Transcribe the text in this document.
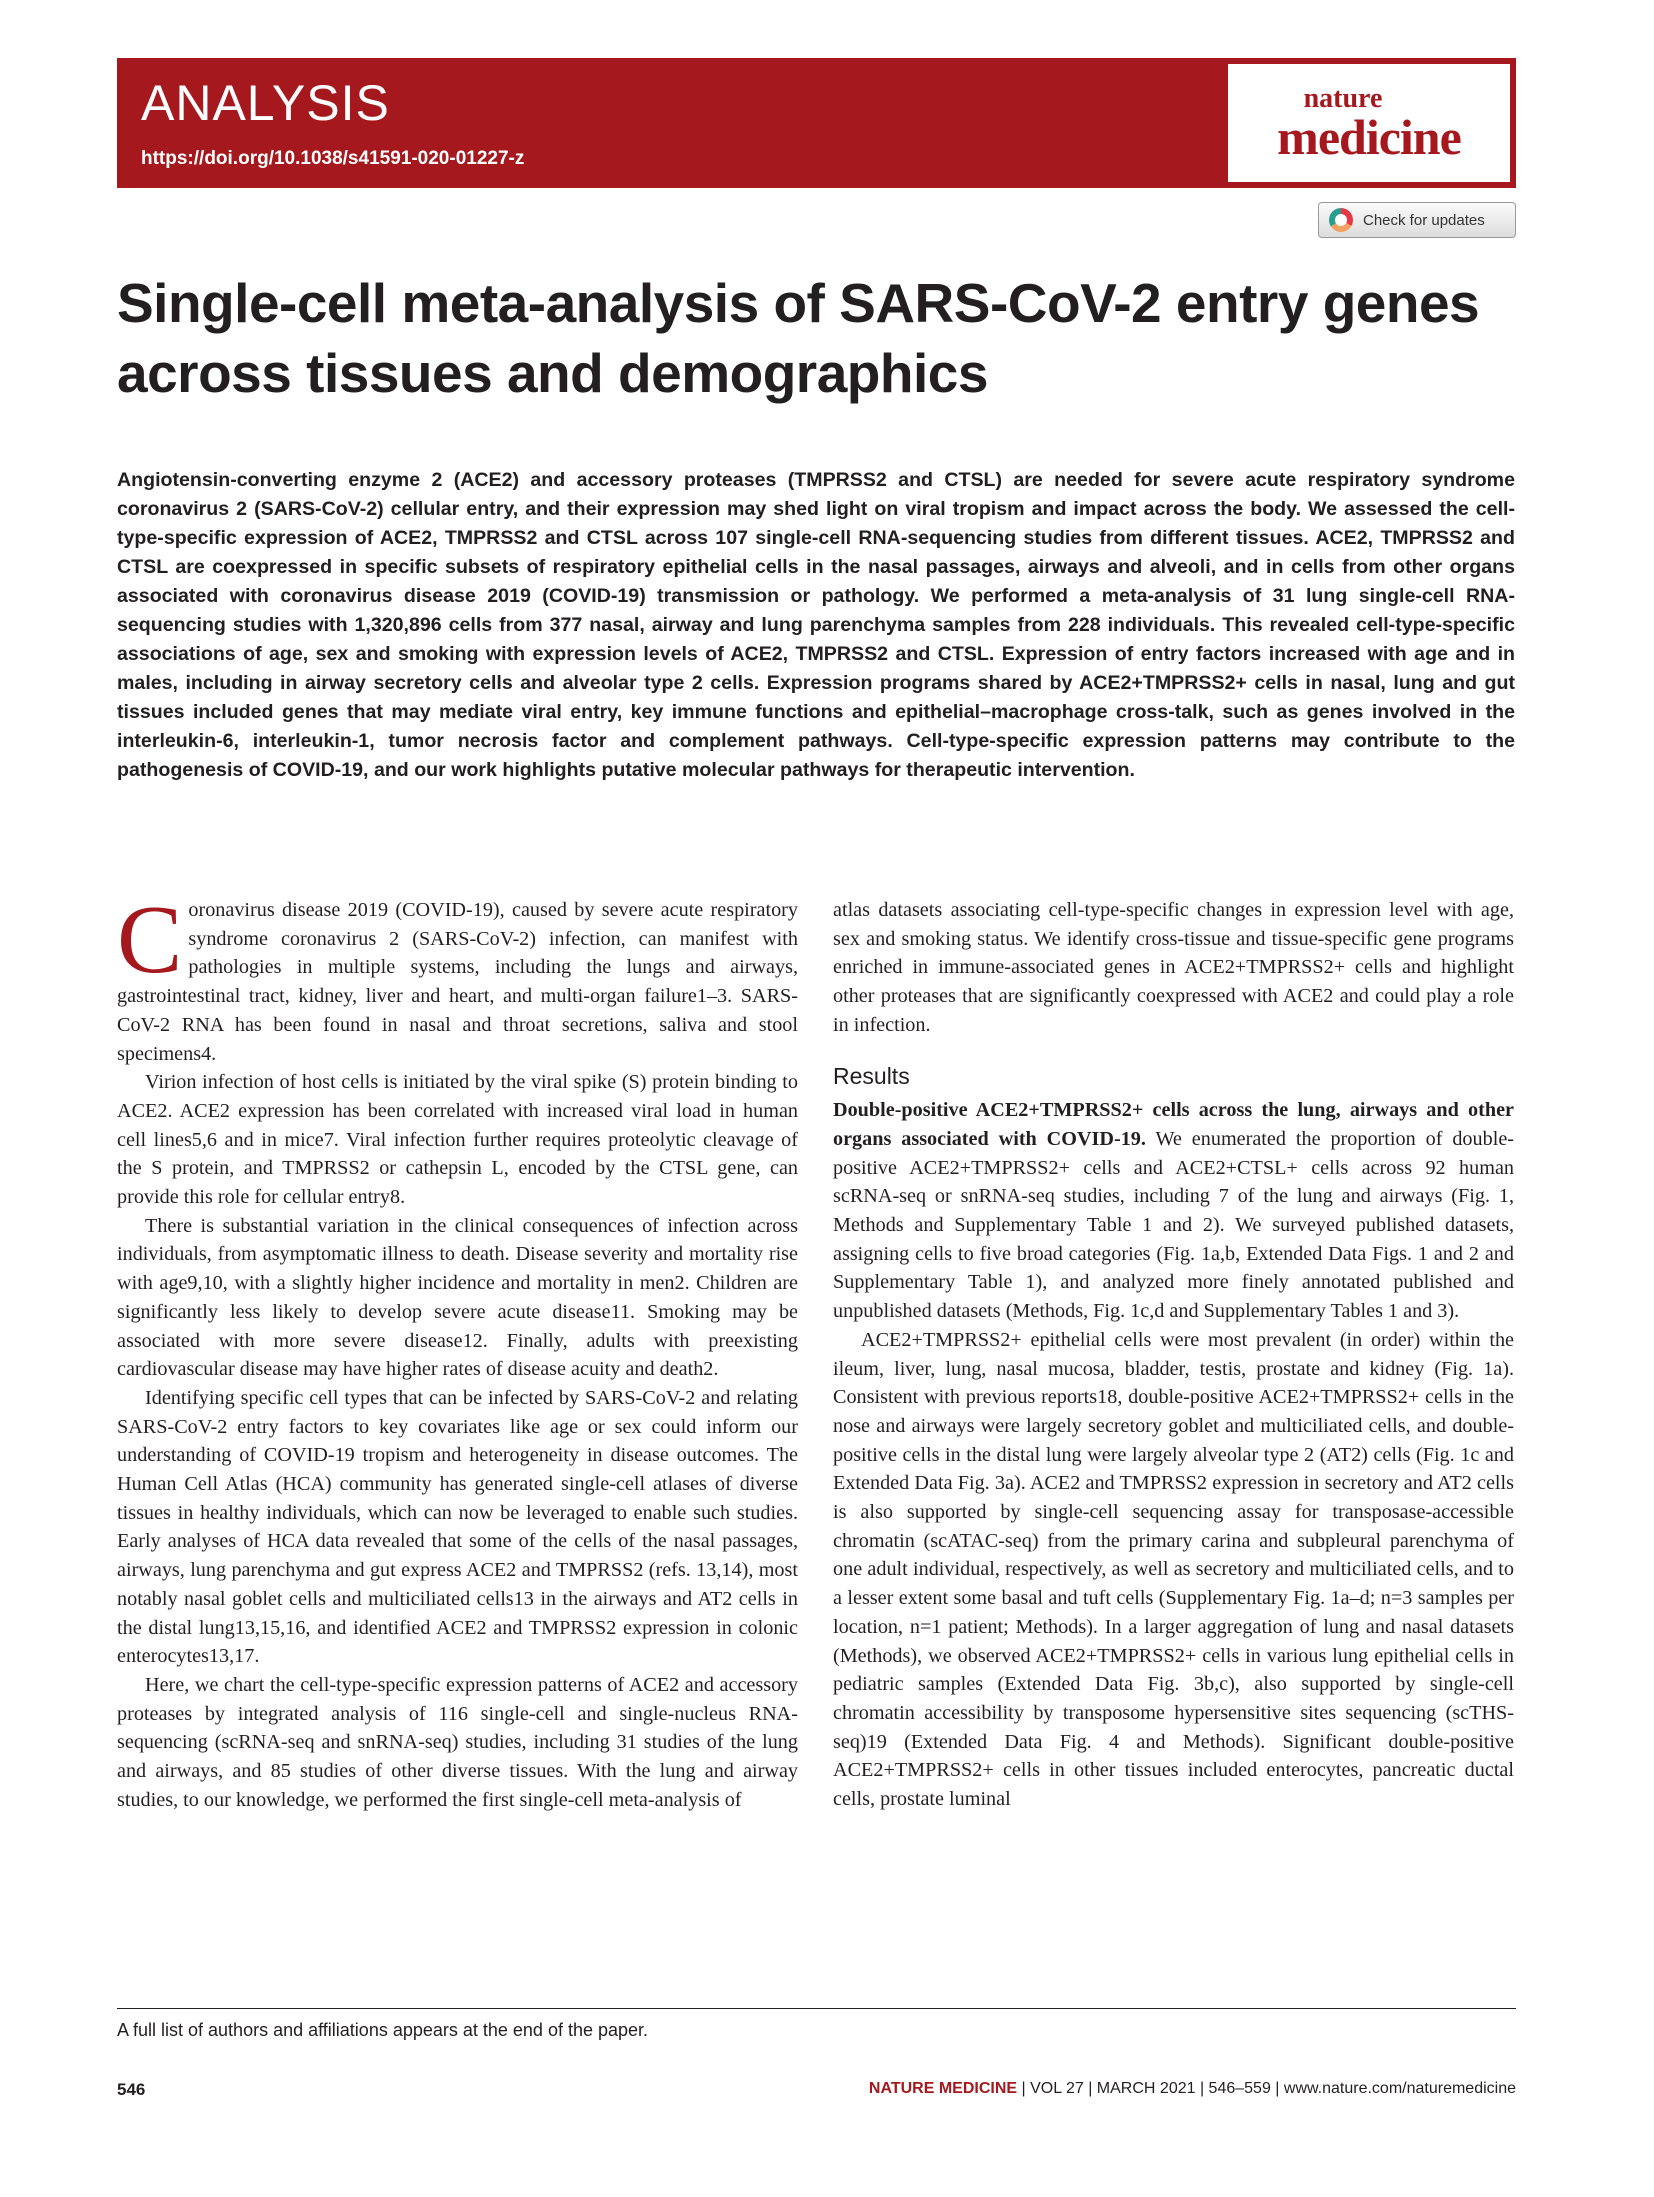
ANALYSIS
https://doi.org/10.1038/s41591-020-01227-z
nature
medicine
Check for updates
Single-cell meta-analysis of SARS-CoV-2 entry genes across tissues and demographics

Angiotensin-converting enzyme 2 (ACE2) and accessory proteases (TMPRSS2 and CTSL) are needed for severe acute respiratory syndrome coronavirus 2 (SARS-CoV-2) cellular entry, and their expression may shed light on viral tropism and impact across the body. We assessed the cell-type-specific expression of ACE2, TMPRSS2 and CTSL across 107 single-cell RNA-sequencing studies from different tissues. ACE2, TMPRSS2 and CTSL are coexpressed in specific subsets of respiratory epithelial cells in the nasal passages, airways and alveoli, and in cells from other organs associated with coronavirus disease 2019 (COVID-19) transmission or pathology. We performed a meta-analysis of 31 lung single-cell RNA-sequencing studies with 1,320,896 cells from 377 nasal, airway and lung parenchyma samples from 228 individuals. This revealed cell-type-specific associations of age, sex and smoking with expression levels of ACE2, TMPRSS2 and CTSL. Expression of entry factors increased with age and in males, including in airway secretory cells and alveolar type 2 cells. Expression programs shared by ACE2+TMPRSS2+ cells in nasal, lung and gut tissues included genes that may mediate viral entry, key immune functions and epithelial–macrophage cross-talk, such as genes involved in the interleukin-6, interleukin-1, tumor necrosis factor and complement pathways. Cell-type-specific expression patterns may contribute to the pathogenesis of COVID-19, and our work highlights putative molecular pathways for therapeutic intervention.

Coronavirus disease 2019 (COVID-19), caused by severe acute respiratory syndrome coronavirus 2 (SARS-CoV-2) infection, can manifest with pathologies in multiple systems, including the lungs and airways, gastrointestinal tract, kidney, liver and heart, and multi-organ failure1–3. SARS-CoV-2 RNA has been found in nasal and throat secretions, saliva and stool specimens4.

Virion infection of host cells is initiated by the viral spike (S) protein binding to ACE2. ACE2 expression has been correlated with increased viral load in human cell lines5,6 and in mice7. Viral infection further requires proteolytic cleavage of the S protein, and TMPRSS2 or cathepsin L, encoded by the CTSL gene, can provide this role for cellular entry8.

There is substantial variation in the clinical consequences of infection across individuals, from asymptomatic illness to death. Disease severity and mortality rise with age9,10, with a slightly higher incidence and mortality in men2. Children are significantly less likely to develop severe acute disease11. Smoking may be associated with more severe disease12. Finally, adults with preexisting cardiovascular disease may have higher rates of disease acuity and death2.

Identifying specific cell types that can be infected by SARS-CoV-2 and relating SARS-CoV-2 entry factors to key covariates like age or sex could inform our understanding of COVID-19 tropism and heterogeneity in disease outcomes. The Human Cell Atlas (HCA) community has generated single-cell atlases of diverse tissues in healthy individuals, which can now be leveraged to enable such studies. Early analyses of HCA data revealed that some of the cells of the nasal passages, airways, lung parenchyma and gut express ACE2 and TMPRSS2 (refs. 13,14), most notably nasal goblet cells and multiciliated cells13 in the airways and AT2 cells in the distal lung13,15,16, and identified ACE2 and TMPRSS2 expression in colonic enterocytes13,17.

Here, we chart the cell-type-specific expression patterns of ACE2 and accessory proteases by integrated analysis of 116 single-cell and single-nucleus RNA-sequencing (scRNA-seq and snRNA-seq) studies, including 31 studies of the lung and airways, and 85 studies of other diverse tissues. With the lung and airway studies, to our knowledge, we performed the first single-cell meta-analysis of

atlas datasets associating cell-type-specific changes in expression level with age, sex and smoking status. We identify cross-tissue and tissue-specific gene programs enriched in immune-associated genes in ACE2+TMPRSS2+ cells and highlight other proteases that are significantly coexpressed with ACE2 and could play a role in infection.

Results

Double-positive ACE2+TMPRSS2+ cells across the lung, airways and other organs associated with COVID-19. We enumerated the proportion of double-positive ACE2+TMPRSS2+ cells and ACE2+CTSL+ cells across 92 human scRNA-seq or snRNA-seq studies, including 7 of the lung and airways (Fig. 1, Methods and Supplementary Table 1 and 2). We surveyed published datasets, assigning cells to five broad categories (Fig. 1a,b, Extended Data Figs. 1 and 2 and Supplementary Table 1), and analyzed more finely annotated published and unpublished datasets (Methods, Fig. 1c,d and Supplementary Tables 1 and 3).

ACE2+TMPRSS2+ epithelial cells were most prevalent (in order) within the ileum, liver, lung, nasal mucosa, bladder, testis, prostate and kidney (Fig. 1a). Consistent with previous reports18, double-positive ACE2+TMPRSS2+ cells in the nose and airways were largely secretory goblet and multiciliated cells, and double-positive cells in the distal lung were largely alveolar type 2 (AT2) cells (Fig. 1c and Extended Data Fig. 3a). ACE2 and TMPRSS2 expression in secretory and AT2 cells is also supported by single-cell sequencing assay for transposase-accessible chromatin (scATAC-seq) from the primary carina and subpleural parenchyma of one adult individual, respectively, as well as secretory and multiciliated cells, and to a lesser extent some basal and tuft cells (Supplementary Fig. 1a–d; n=3 samples per location, n=1 patient; Methods). In a larger aggregation of lung and nasal datasets (Methods), we observed ACE2+TMPRSS2+ cells in various lung epithelial cells in pediatric samples (Extended Data Fig. 3b,c), also supported by single-cell chromatin accessibility by transposome hypersensitive sites sequencing (scTHS-seq)19 (Extended Data Fig. 4 and Methods). Significant double-positive ACE2+TMPRSS2+ cells in other tissues included enterocytes, pancreatic ductal cells, prostate luminal

A full list of authors and affiliations appears at the end of the paper.
546	NATURE MEDICINE | VOL 27 | MARCH 2021 | 546–559 | www.nature.com/naturemedicine
